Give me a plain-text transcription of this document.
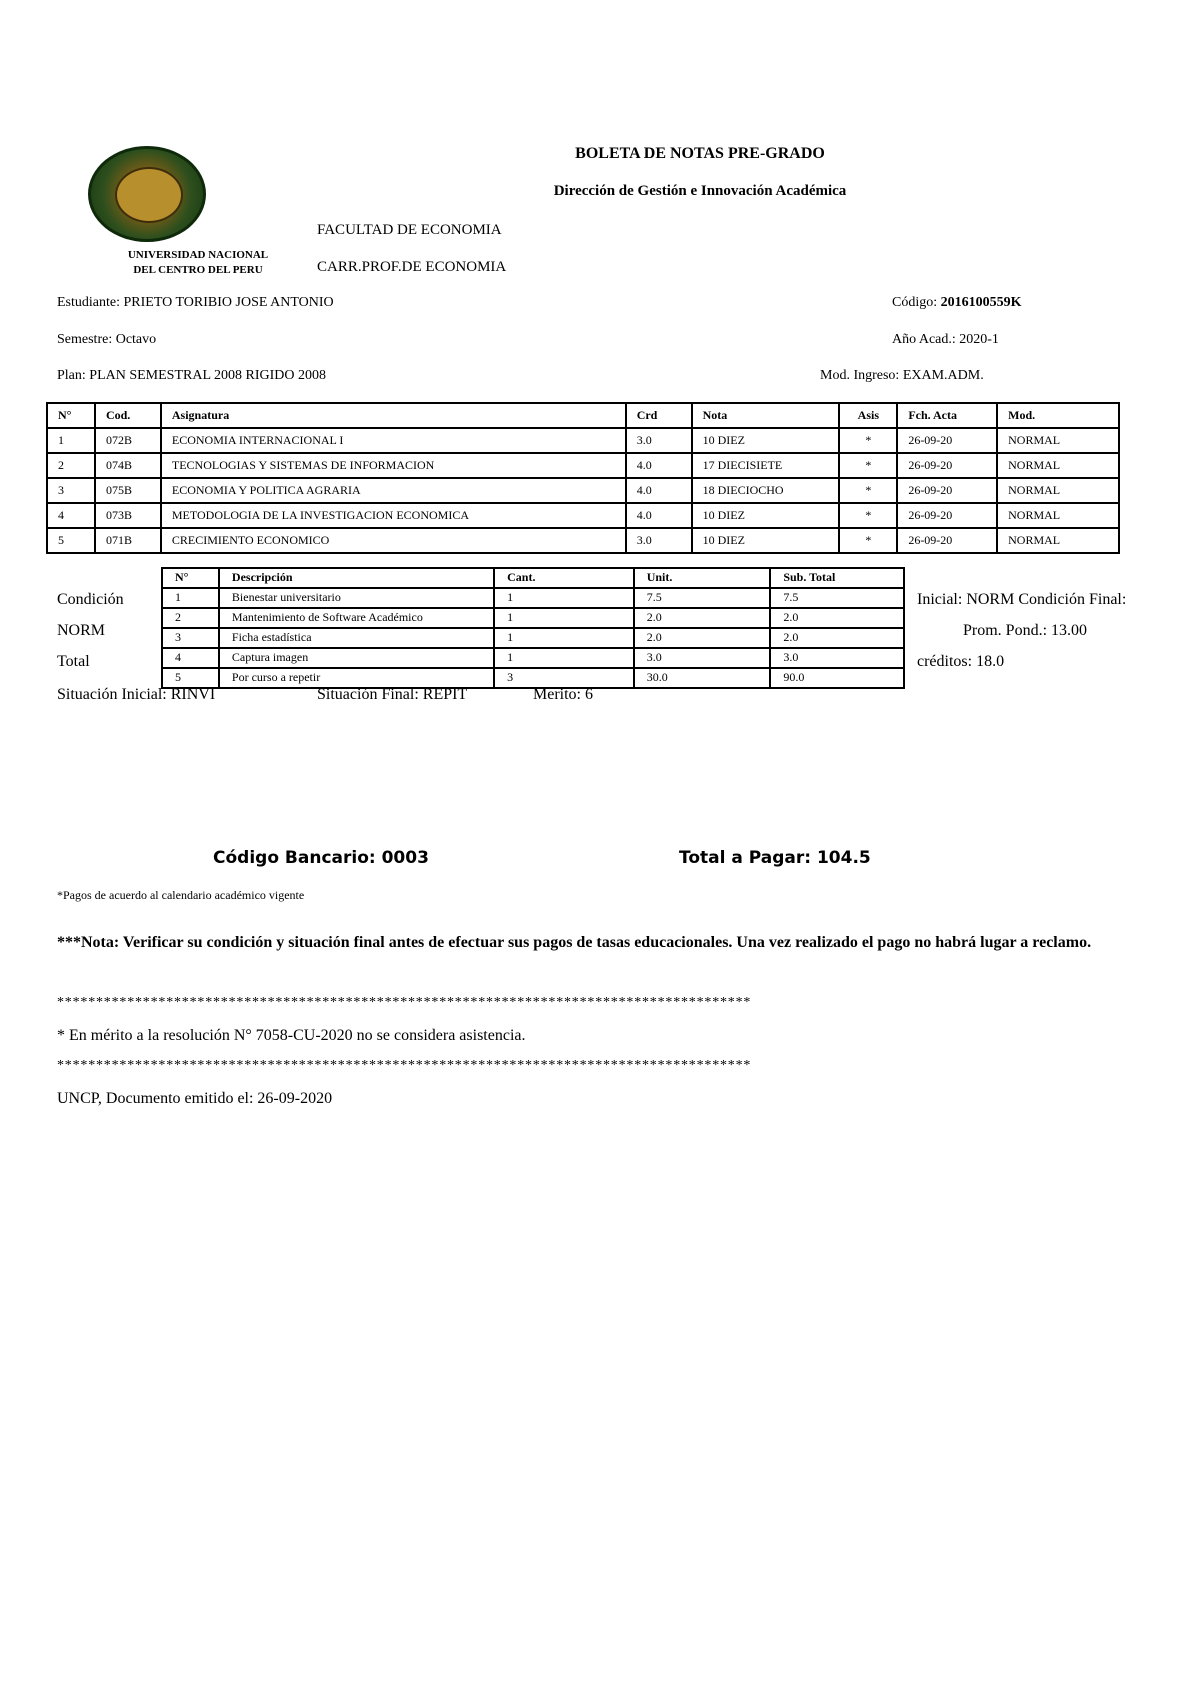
UNIVERSIDAD NACIONAL
DEL CENTRO DEL PERU
BOLETA DE NOTAS PRE-GRADO
Dirección de Gestión e Innovación Académica
FACULTAD DE ECONOMIA
CARR.PROF.DE ECONOMIA
Estudiante: PRIETO TORIBIO JOSE ANTONIO	Código: 2016100559K
Semestre: Octavo	Año Acad.: 2020-1
Plan: PLAN SEMESTRAL 2008 RIGIDO 2008	Mod. Ingreso: EXAM.ADM.
N°	Cod.	Asignatura	Crd	Nota	Asis	Fch. Acta	Mod.
1	072B	ECONOMIA INTERNACIONAL I	3.0	10 DIEZ	*	26-09-20	NORMAL
2	074B	TECNOLOGIAS Y SISTEMAS DE INFORMACION	4.0	17 DIECISIETE	*	26-09-20	NORMAL
3	075B	ECONOMIA Y POLITICA AGRARIA	4.0	18 DIECIOCHO	*	26-09-20	NORMAL
4	073B	METODOLOGIA DE LA INVESTIGACION ECONOMICA	4.0	10 DIEZ	*	26-09-20	NORMAL
5	071B	CRECIMIENTO ECONOMICO	3.0	10 DIEZ	*	26-09-20	NORMAL
Condición
NORM
Total
Inicial: NORM Condición Final:
Prom. Pond.: 13.00
créditos: 18.0
N°	Descripción	Cant.	Unit.	Sub. Total
1	Bienestar universitario	1	7.5	7.5
2	Mantenimiento de Software Académico	1	2.0	2.0
3	Ficha estadística	1	2.0	2.0
4	Captura imagen	1	3.0	3.0
5	Por curso a repetir	3	30.0	90.0
Situación Inicial: RINVI	Situación Final: REPIT	Merito: 6
Código Bancario: 0003	Total a Pagar: 104.5
*Pagos de acuerdo al calendario académico vigente
***Nota: Verificar su condición y situación final antes de efectuar sus pagos de tasas educacionales. Una vez realizado el pago no habrá lugar a reclamo.
*****************************************************************************************
* En mérito a la resolución N° 7058-CU-2020 no se considera asistencia.
*****************************************************************************************
UNCP, Documento emitido el: 26-09-2020
